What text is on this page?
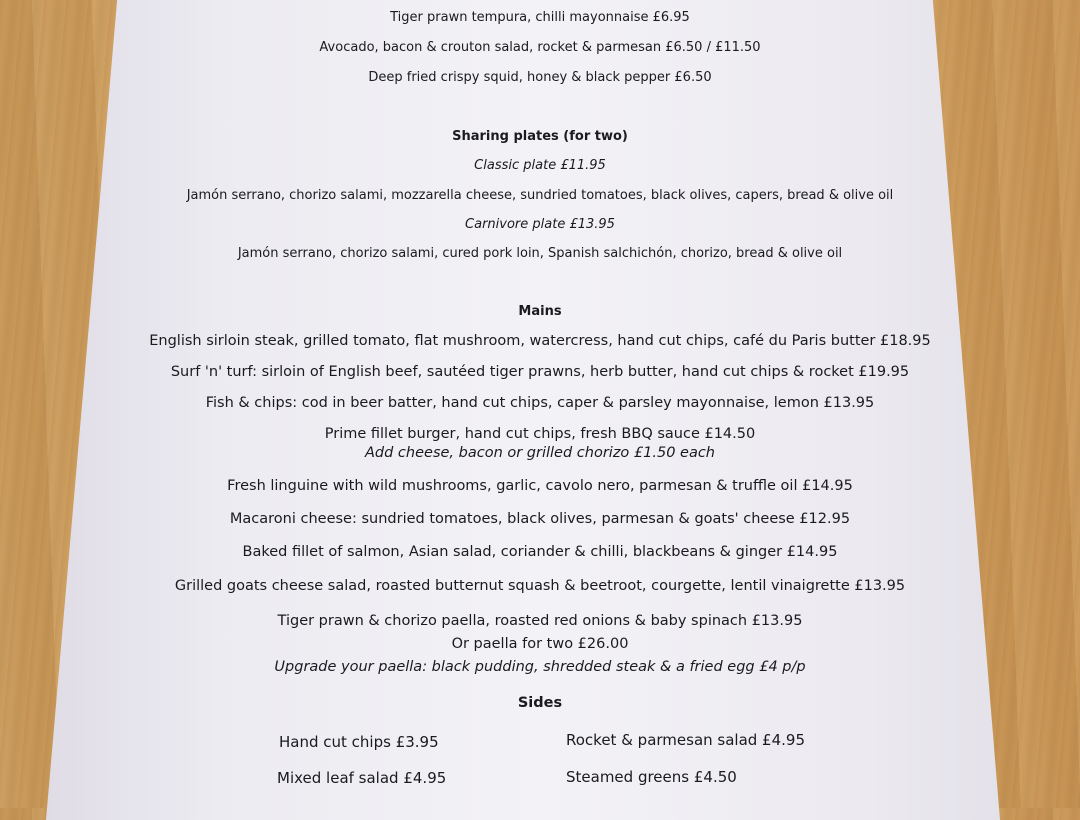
Tiger prawn tempura, chilli mayonnaise £6.95
Avocado, bacon & crouton salad, rocket & parmesan £6.50 / £11.50
Deep fried crispy squid, honey & black pepper £6.50
Sharing plates (for two)
Classic plate £11.95
Jamón serrano, chorizo salami, mozzarella cheese, sundried tomatoes, black olives, capers, bread & olive oil
Carnivore plate £13.95
Jamón serrano, chorizo salami, cured pork loin, Spanish salchichón, chorizo, bread & olive oil
Mains
English sirloin steak, grilled tomato, flat mushroom, watercress, hand cut chips, café du Paris butter £18.95
Surf 'n' turf: sirloin of English beef, sautéed tiger prawns, herb butter, hand cut chips & rocket £19.95
Fish & chips: cod in beer batter, hand cut chips, caper & parsley mayonnaise, lemon £13.95
Prime fillet burger, hand cut chips, fresh BBQ sauce £14.50
Add cheese, bacon or grilled chorizo £1.50 each
Fresh linguine with wild mushrooms, garlic, cavolo nero, parmesan & truffle oil £14.95
Macaroni cheese: sundried tomatoes, black olives, parmesan & goats' cheese £12.95
Baked fillet of salmon, Asian salad, coriander & chilli, blackbeans & ginger £14.95
Grilled goats cheese salad, roasted butternut squash & beetroot, courgette, lentil vinaigrette £13.95
Tiger prawn & chorizo paella, roasted red onions & baby spinach £13.95
Or paella for two £26.00
Upgrade your paella: black pudding, shredded steak & a fried egg £4 p/p
Sides
Hand cut chips £3.95	Rocket & parmesan salad £4.95
Mixed leaf salad £4.95	Steamed greens £4.50
